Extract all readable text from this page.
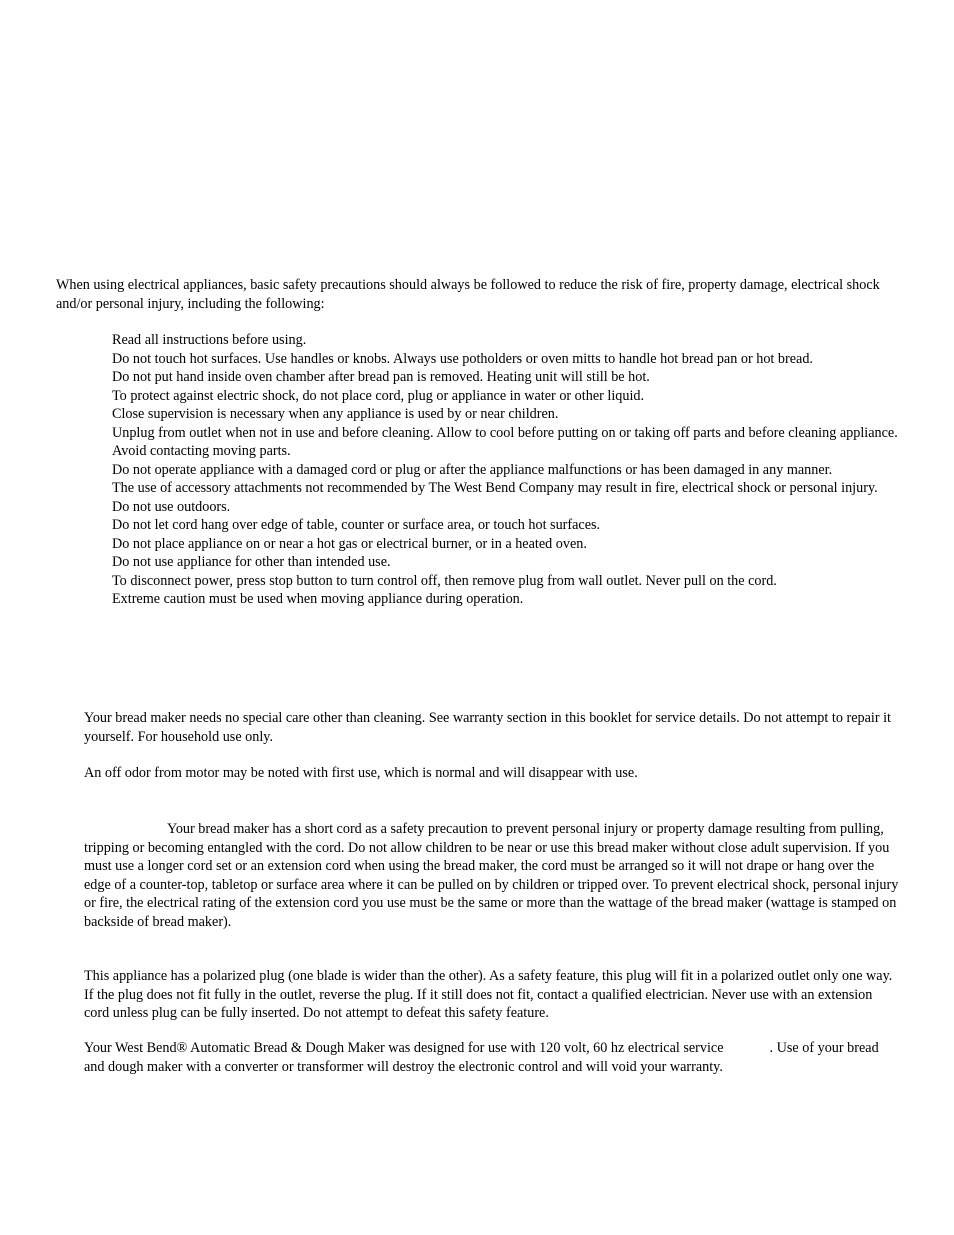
When using electrical appliances, basic safety precautions should always be followed to reduce the risk of fire, property damage, electrical shock and/or personal injury, including the following:
Read all instructions before using.
Do not touch hot surfaces. Use handles or knobs. Always use potholders or oven mitts to handle hot bread pan or hot bread.
Do not put hand inside oven chamber after bread pan is removed. Heating unit will still be hot.
To protect against electric shock, do not place cord, plug or appliance in water or other liquid.
Close supervision is necessary when any appliance is used by or near children.
Unplug from outlet when not in use and before cleaning. Allow to cool before putting on or taking off parts and before cleaning appliance.
Avoid contacting moving parts.
Do not operate appliance with a damaged cord or plug or after the appliance malfunctions or has been damaged in any manner.
The use of accessory attachments not recommended by The West Bend Company may result in fire, electrical shock or personal injury.
Do not use outdoors.
Do not let cord hang over edge of table, counter or surface area, or touch hot surfaces.
Do not place appliance on or near a hot gas or electrical burner, or in a heated oven.
Do not use appliance for other than intended use.
To disconnect power, press stop button to turn control off, then remove plug from wall outlet. Never pull on the cord.
Extreme caution must be used when moving appliance during operation.
Your bread maker needs no special care other than cleaning. See warranty section in this booklet for service details. Do not attempt to repair it yourself. For household use only.
An off odor from motor may be noted with first use, which is normal and will disappear with use.
Your bread maker has a short cord as a safety precaution to prevent personal injury or property damage resulting from pulling, tripping or becoming entangled with the cord. Do not allow children to be near or use this bread maker without close adult supervision. If you must use a longer cord set or an extension cord when using the bread maker, the cord must be arranged so it will not drape or hang over the edge of a counter-top, tabletop or surface area where it can be pulled on by children or tripped over. To prevent electrical shock, personal injury or fire, the electrical rating of the extension cord you use must be the same or more than the wattage of the bread maker (wattage is stamped on backside of bread maker).
This appliance has a polarized plug (one blade is wider than the other). As a safety feature, this plug will fit in a polarized outlet only one way. If the plug does not fit fully in the outlet, reverse the plug. If it still does not fit, contact a qualified electrician. Never use with an extension cord unless plug can be fully inserted. Do not attempt to defeat this safety feature.
Your West Bend® Automatic Bread & Dough Maker was designed for use with 120 volt, 60 hz electrical service	. Use of your bread and dough maker with a converter or transformer will destroy the electronic control and will void your warranty.
